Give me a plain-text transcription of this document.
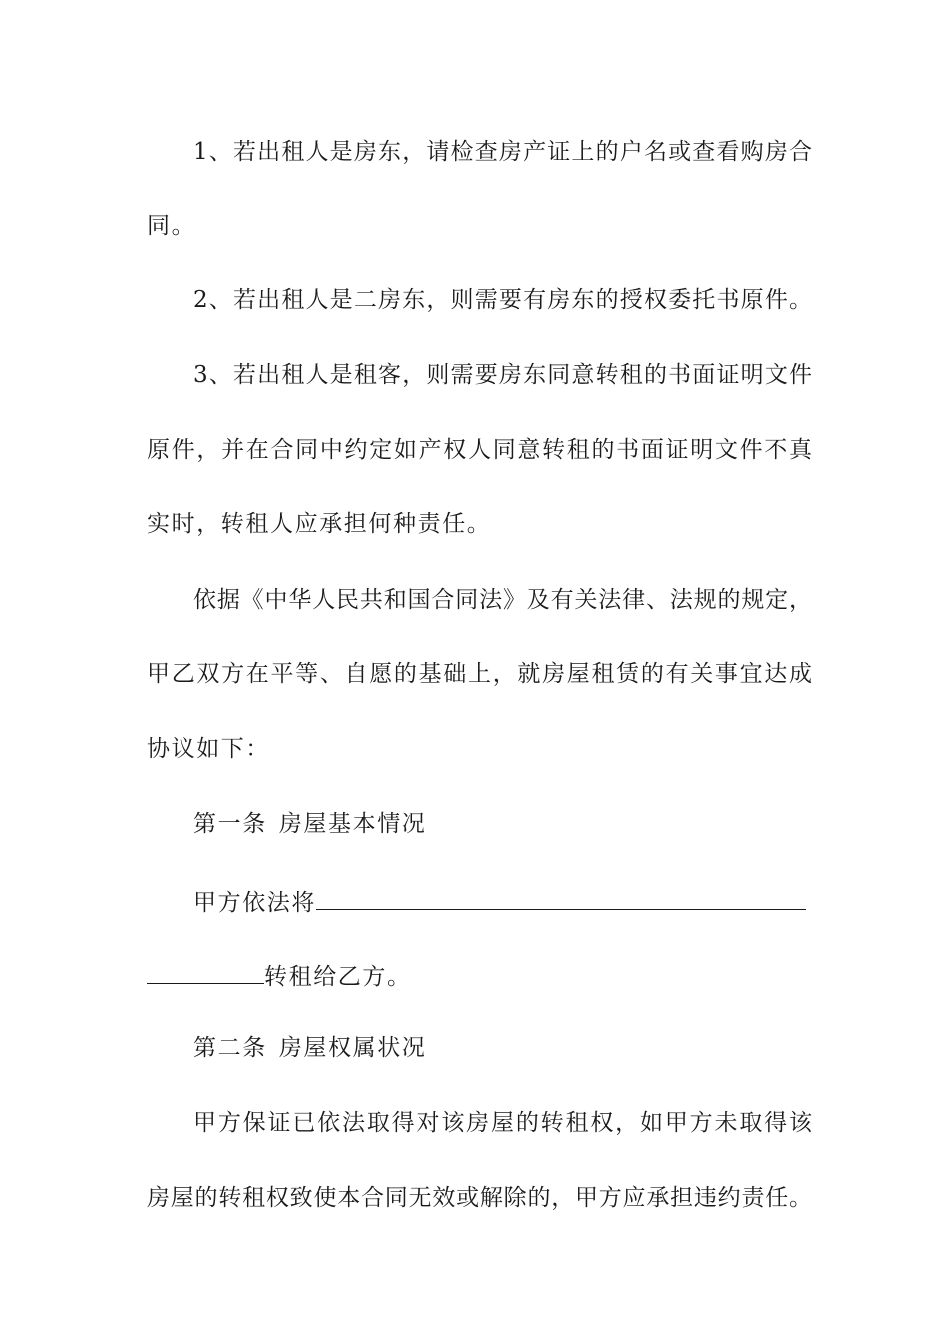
1、若出租人是房东，请检查房产证上的户名或查看购房合
同。
2、若出租人是二房东，则需要有房东的授权委托书原件。
3、若出租人是租客，则需要房东同意转租的书面证明文件
原件，并在合同中约定如产权人同意转租的书面证明文件不真
实时，转租人应承担何种责任。
依据《中华人民共和国合同法》及有关法律、法规的规定，
甲乙双方在平等、自愿的基础上，就房屋租赁的有关事宜达成
协议如下：
第一条 房屋基本情况
甲方依法将
转租给乙方。
第二条 房屋权属状况
甲方保证已依法取得对该房屋的转租权，如甲方未取得该
房屋的转租权致使本合同无效或解除的，甲方应承担违约责任。
